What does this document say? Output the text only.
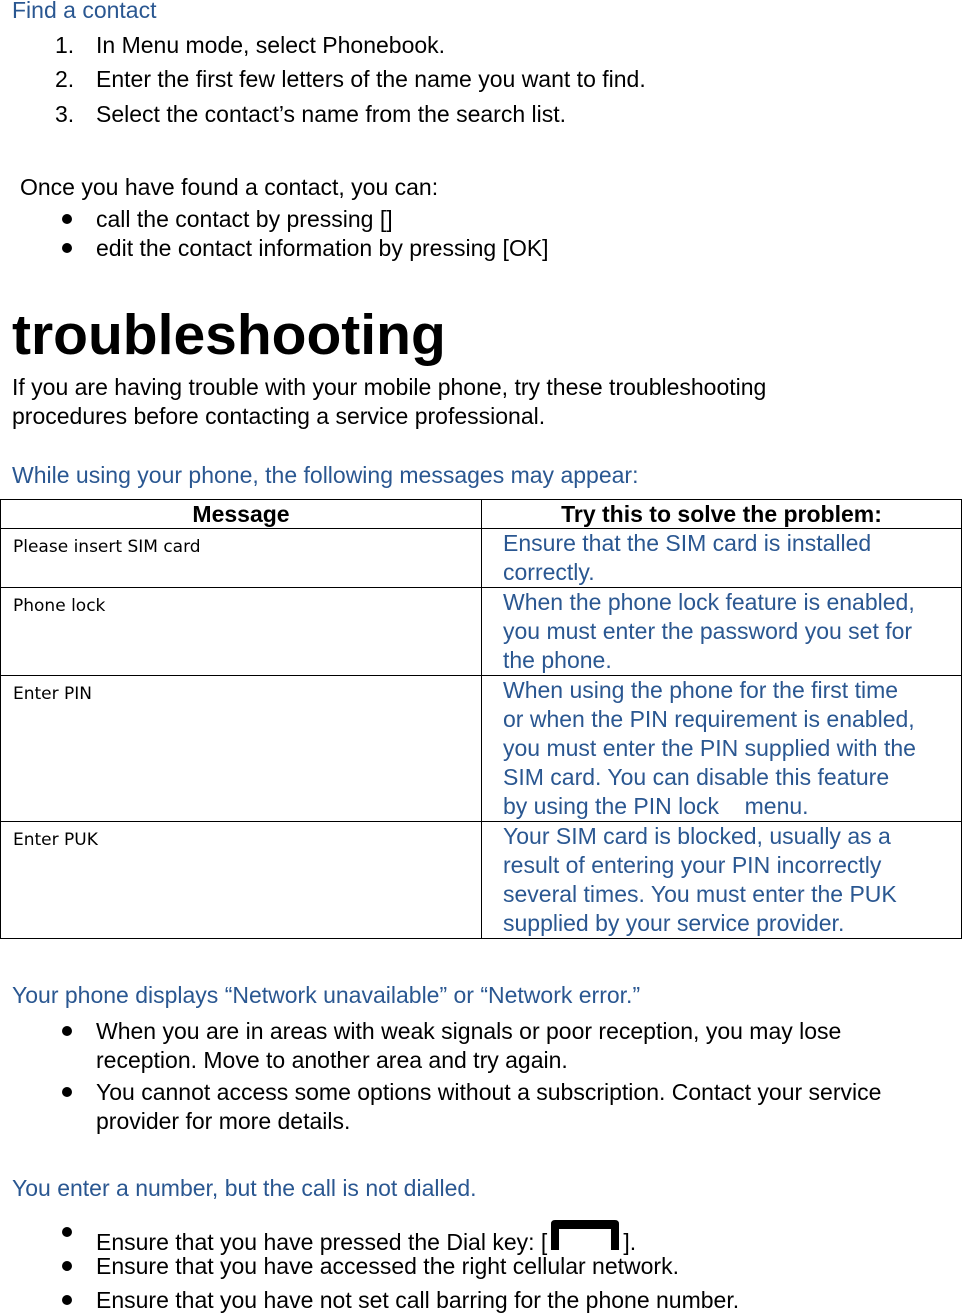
Find a contact
1. In Menu mode, select Phonebook.
2. Enter the first few letters of the name you want to find.
3. Select the contact’s name from the search list.
Once you have found a contact, you can:
call the contact by pressing []
edit the contact information by pressing [OK]
troubleshooting
If you are having trouble with your mobile phone, try these troubleshooting
procedures before contacting a service professional.
While using your phone, the following messages may appear:
Message	Try this to solve the problem:
Please insert SIM card	Ensure that the SIM card is installed
correctly.

Phone lock	When the phone lock feature is enabled,
you must enter the password you set for
the phone.

Enter PIN	When using the phone for the first time
or when the PIN requirement is enabled,
you must enter the PIN supplied with the
SIM card. You can disable this feature
by using the PIN lock    menu.

Enter PUK	Your SIM card is blocked, usually as a
result of entering your PIN incorrectly
several times. You must enter the PUK
supplied by your service provider.
Your phone displays “Network unavailable” or “Network error.”
When you are in areas with weak signals or poor reception, you may lose
reception. Move to another area and try again.
You cannot access some options without a subscription. Contact your service
provider for more details.
You enter a number, but the call is not dialled.
Ensure that you have pressed the Dial key: [	].
Ensure that you have accessed the right cellular network.
Ensure that you have not set call barring for the phone number.
